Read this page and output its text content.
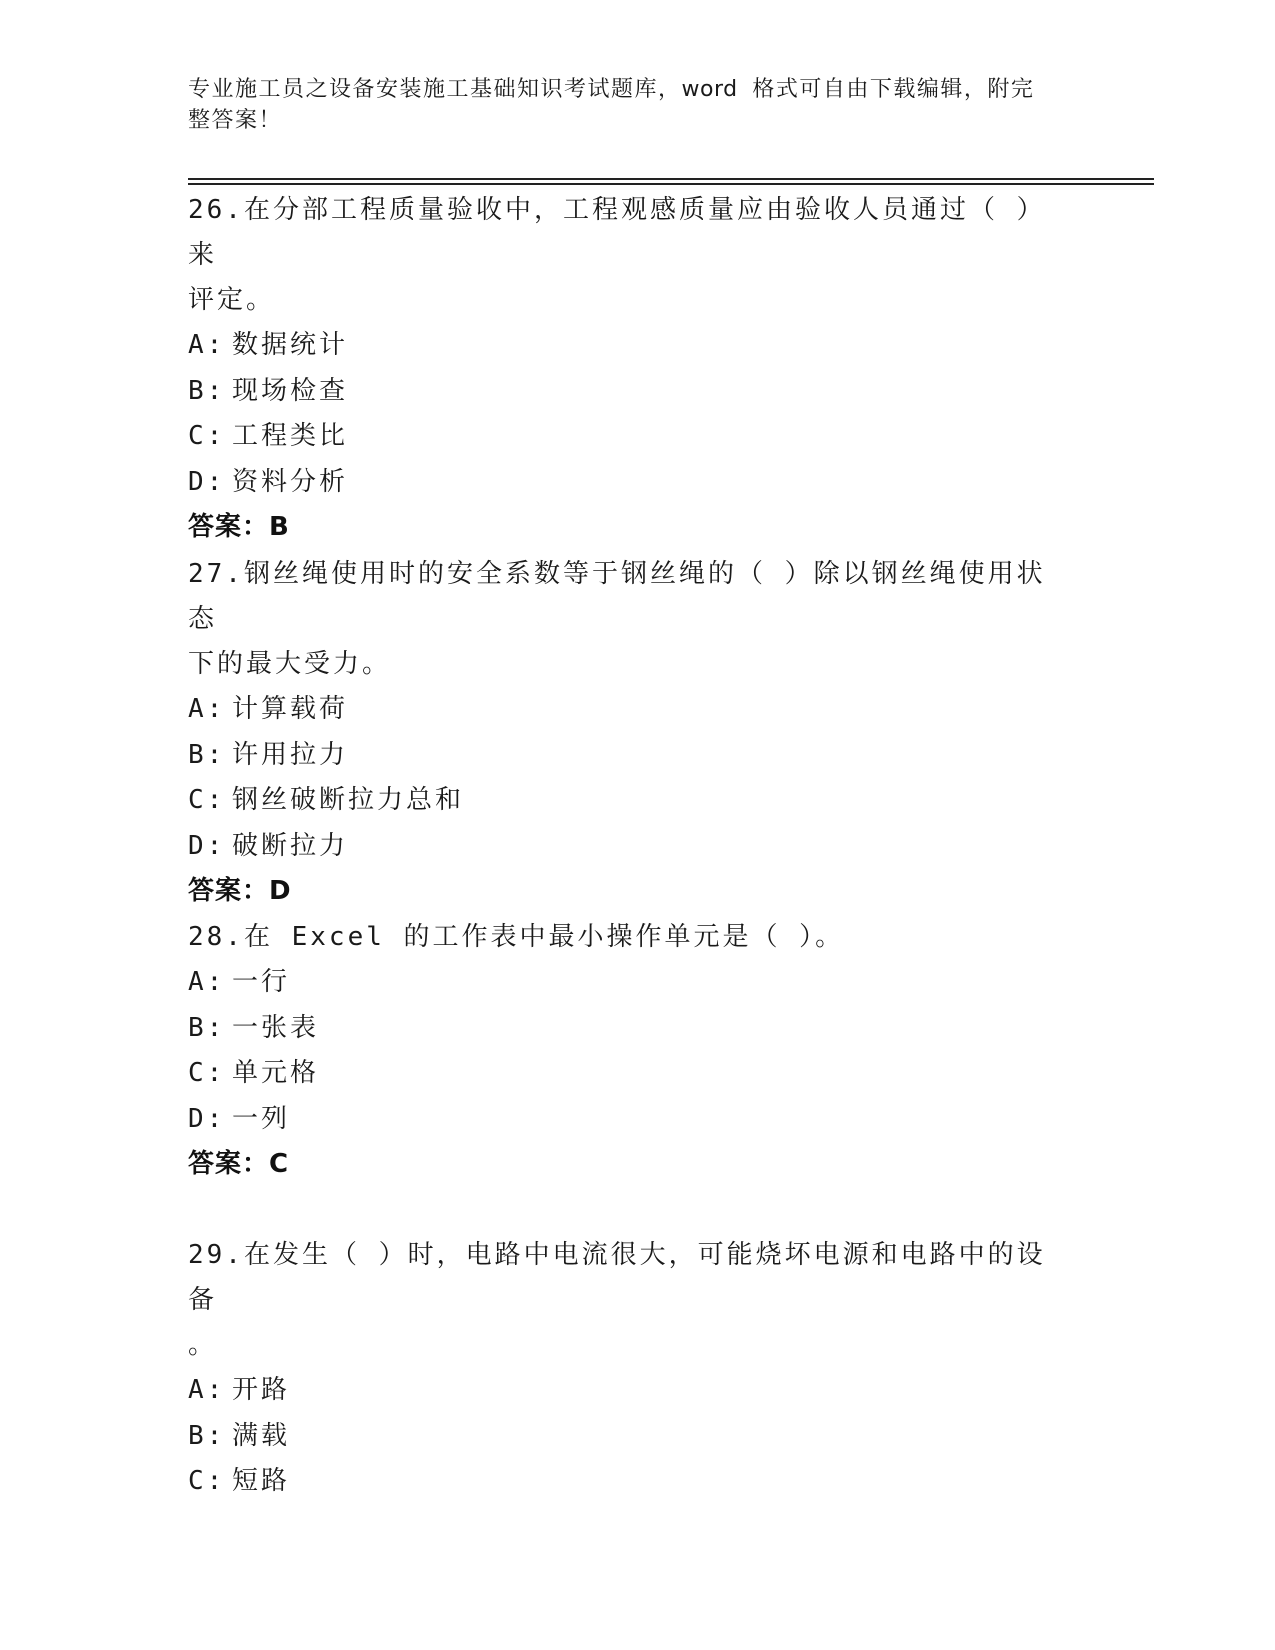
专业施工员之设备安装施工基础知识考试题库，word 格式可自由下载编辑，附完
整答案！

26.在分部工程质量验收中，工程观感质量应由验收人员通过（ ）来
评定。

A: 数据统计

B: 现场检查

C: 工程类比

D: 资料分析

答案：B

27.钢丝绳使用时的安全系数等于钢丝绳的（ ）除以钢丝绳使用状态
下的最大受力。

A: 计算载荷

B: 许用拉力

C: 钢丝破断拉力总和

D: 破断拉力

答案：D

28.在 Excel 的工作表中最小操作单元是（ ）。

A: 一行

B: 一张表

C: 单元格

D: 一列

答案：C

29.在发生（ ）时，电路中电流很大，可能烧坏电源和电路中的设备
。

A: 开路

B: 满载

C: 短路
